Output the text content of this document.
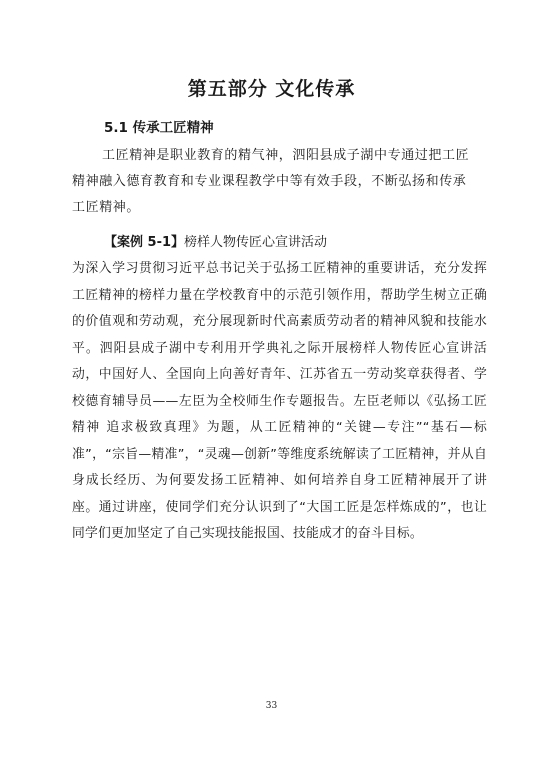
第五部分 文化传承
5.1 传承工匠精神

工匠精神是职业教育的精气神，泗阳县成子湖中专通过把工匠精神融入德育教育和专业课程教学中等有效手段，不断弘扬和传承工匠精神。

【案例 5-1】榜样人物传匠心宣讲活动

为深入学习贯彻习近平总书记关于弘扬工匠精神的重要讲话，充分发挥工匠精神的榜样力量在学校教育中的示范引领作用，帮助学生树立正确的价值观和劳动观，充分展现新时代高素质劳动者的精神风貌和技能水平。泗阳县成子湖中专利用开学典礼之际开展榜样人物传匠心宣讲活动，中国好人、全国向上向善好青年、江苏省五一劳动奖章获得者、学校德育辅导员——左臣为全校师生作专题报告。左臣老师以《弘扬工匠精神 追求极致真理》为题，从工匠精神的“关键—专注”“基石—标准”，“宗旨—精准”，“灵魂—创新”等维度系统解读了工匠精神，并从自身成长经历、为何要发扬工匠精神、如何培养自身工匠精神展开了讲座。通过讲座，使同学们充分认识到了“大国工匠是怎样炼成的”，也让同学们更加坚定了自己实现技能报国、技能成才的奋斗目标。

33
